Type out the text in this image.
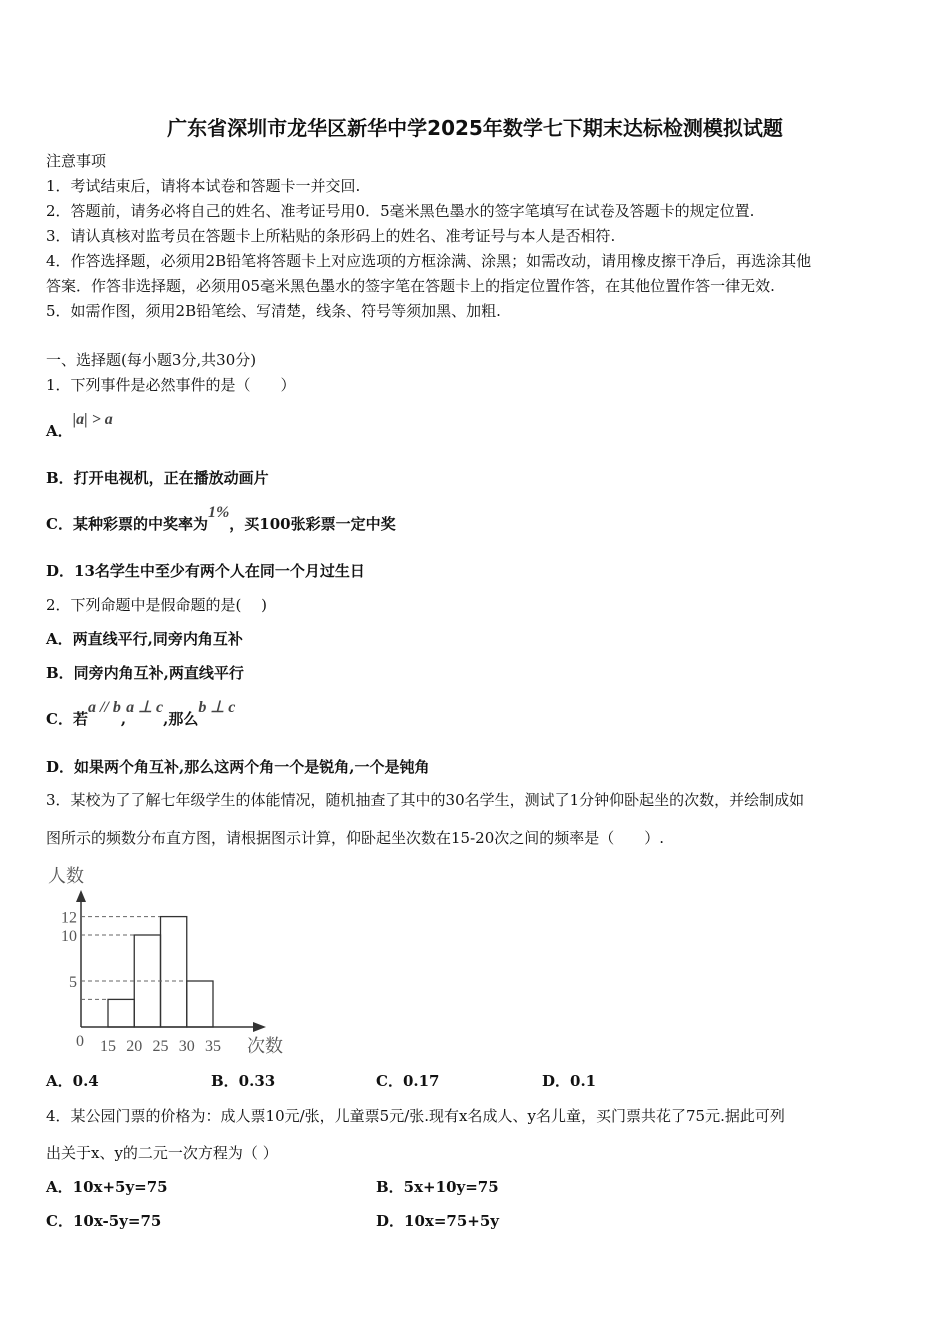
广东省深圳市龙华区新华中学2025年数学七下期末达标检测模拟试题
注意事项
1．考试结束后，请将本试卷和答题卡一并交回.
2．答题前，请务必将自己的姓名、准考证号用0．5毫米黑色墨水的签字笔填写在试卷及答题卡的规定位置.
3．请认真核对监考员在答题卡上所粘贴的条形码上的姓名、准考证号与本人是否相符.
4．作答选择题，必须用2B铅笔将答题卡上对应选项的方框涂满、涂黑；如需改动，请用橡皮擦干净后，再选涂其他
答案．作答非选择题，必须用05毫米黑色墨水的签字笔在答题卡上的指定位置作答，在其他位置作答一律无效.
5．如需作图，须用2B铅笔绘、写清楚，线条、符号等须加黑、加粗.
一、选择题(每小题3分,共30分)
1．下列事件是必然事件的是（　　）
A．|a| > a
B．打开电视机，正在播放动画片
C．某种彩票的中奖率为1%，买100张彩票一定中奖
D．13名学生中至少有两个人在同一个月过生日
2．下列命题中是假命题的是(　 )
A．两直线平行,同旁内角互补
B．同旁内角互补,两直线平行
C．若a // b,a ⊥ c,那么b ⊥ c
D．如果两个角互补,那么这两个角一个是锐角,一个是钝角
3．某校为了了解七年级学生的体能情况，随机抽查了其中的30名学生，测试了1分钟仰卧起坐的次数，并绘制成如
图所示的频数分布直方图，请根据图示计算，仰卧起坐次数在15-20次之间的频率是（　　）.
人数
次数
0
5
10
12
15 20 25 30 35
A．0.4	B．0.33	C．0.17	D．0.1
4．某公园门票的价格为：成人票10元/张，儿童票5元/张.现有x名成人、y名儿童，买门票共花了75元.据此可列
出关于x、y的二元一次方程为（ ）
A．10x+5y=75	B．5x+10y=75
C．10x-5y=75	D．10x=75+5y
